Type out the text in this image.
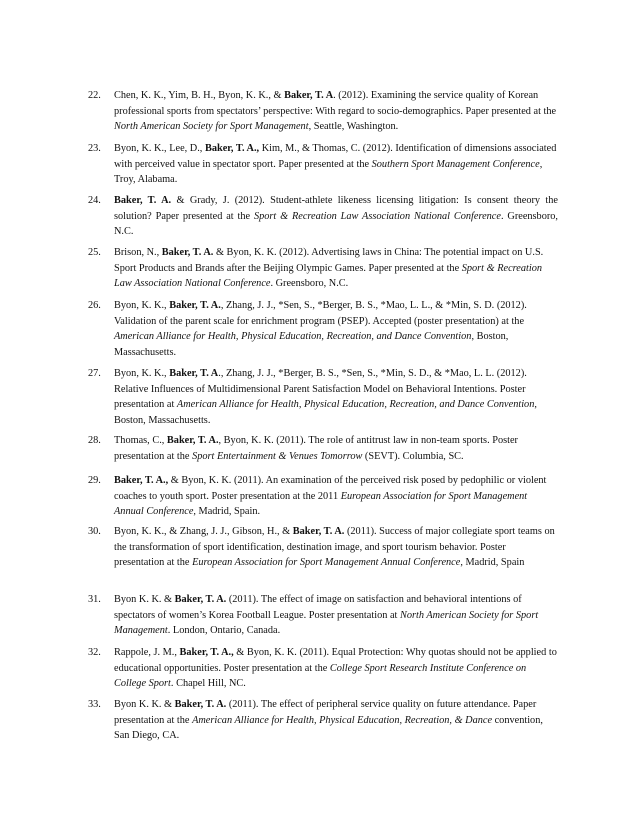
22.	Chen, K. K., Yim, B. H., Byon, K. K., & Baker, T. A. (2012). Examining the service quality of Korean professional sports from spectators’ perspective: With regard to socio-demographics. Paper presented at the North American Society for Sport Management, Seattle, Washington.
23.	Byon, K. K., Lee, D., Baker, T. A., Kim, M., & Thomas, C. (2012). Identification of dimensions associated with perceived value in spectator sport. Paper presented at the Southern Sport Management Conference, Troy, Alabama.
24.	Baker, T. A. & Grady, J. (2012). Student-athlete likeness licensing litigation: Is consent theory the solution? Paper presented at the Sport & Recreation Law Association National Conference. Greensboro, N.C.
25.	Brison, N., Baker, T. A. & Byon, K. K. (2012). Advertising laws in China: The potential impact on U.S. Sport Products and Brands after the Beijing Olympic Games. Paper presented at the Sport & Recreation Law Association National Conference. Greensboro, N.C.
26.	Byon, K. K., Baker, T. A., Zhang, J. J., *Sen, S., *Berger, B. S., *Mao, L. L., & *Min, S. D. (2012). Validation of the parent scale for enrichment program (PSEP). Accepted (poster presentation) at the American Alliance for Health, Physical Education, Recreation, and Dance Convention, Boston, Massachusetts.
27.	Byon, K. K., Baker, T. A., Zhang, J. J., *Berger, B. S., *Sen, S., *Min, S. D., & *Mao, L. L. (2012). Relative Influences of Multidimensional Parent Satisfaction Model on Behavioral Intentions. Poster presentation at American Alliance for Health, Physical Education, Recreation, and Dance Convention, Boston, Massachusetts.
28.	Thomas, C., Baker, T. A., Byon, K. K. (2011). The role of antitrust law in non-team sports. Poster presentation at the Sport Entertainment & Venues Tomorrow (SEVT). Columbia, SC.
29.	Baker, T. A., & Byon, K. K. (2011). An examination of the perceived risk posed by pedophilic or violent coaches to youth sport. Poster presentation at the 2011 European Association for Sport Management Annual Conference, Madrid, Spain.
30.	Byon, K. K., & Zhang, J. J., Gibson, H., & Baker, T. A. (2011). Success of major collegiate sport teams on the transformation of sport identification, destination image, and sport tourism behavior. Poster presentation at the European Association for Sport Management Annual Conference, Madrid, Spain
31.	Byon K. K. & Baker, T. A. (2011). The effect of image on satisfaction and behavioral intentions of spectators of women’s Korea Football League. Poster presentation at North American Society for Sport Management. London, Ontario, Canada.
32.	Rappole, J. M., Baker, T. A., & Byon, K. K. (2011). Equal Protection: Why quotas should not be applied to educational opportunities. Poster presentation at the College Sport Research Institute Conference on College Sport. Chapel Hill, NC.
33.	Byon K. K. & Baker, T. A. (2011). The effect of peripheral service quality on future attendance. Paper presentation at the American Alliance for Health, Physical Education, Recreation, & Dance convention, San Diego, CA.
